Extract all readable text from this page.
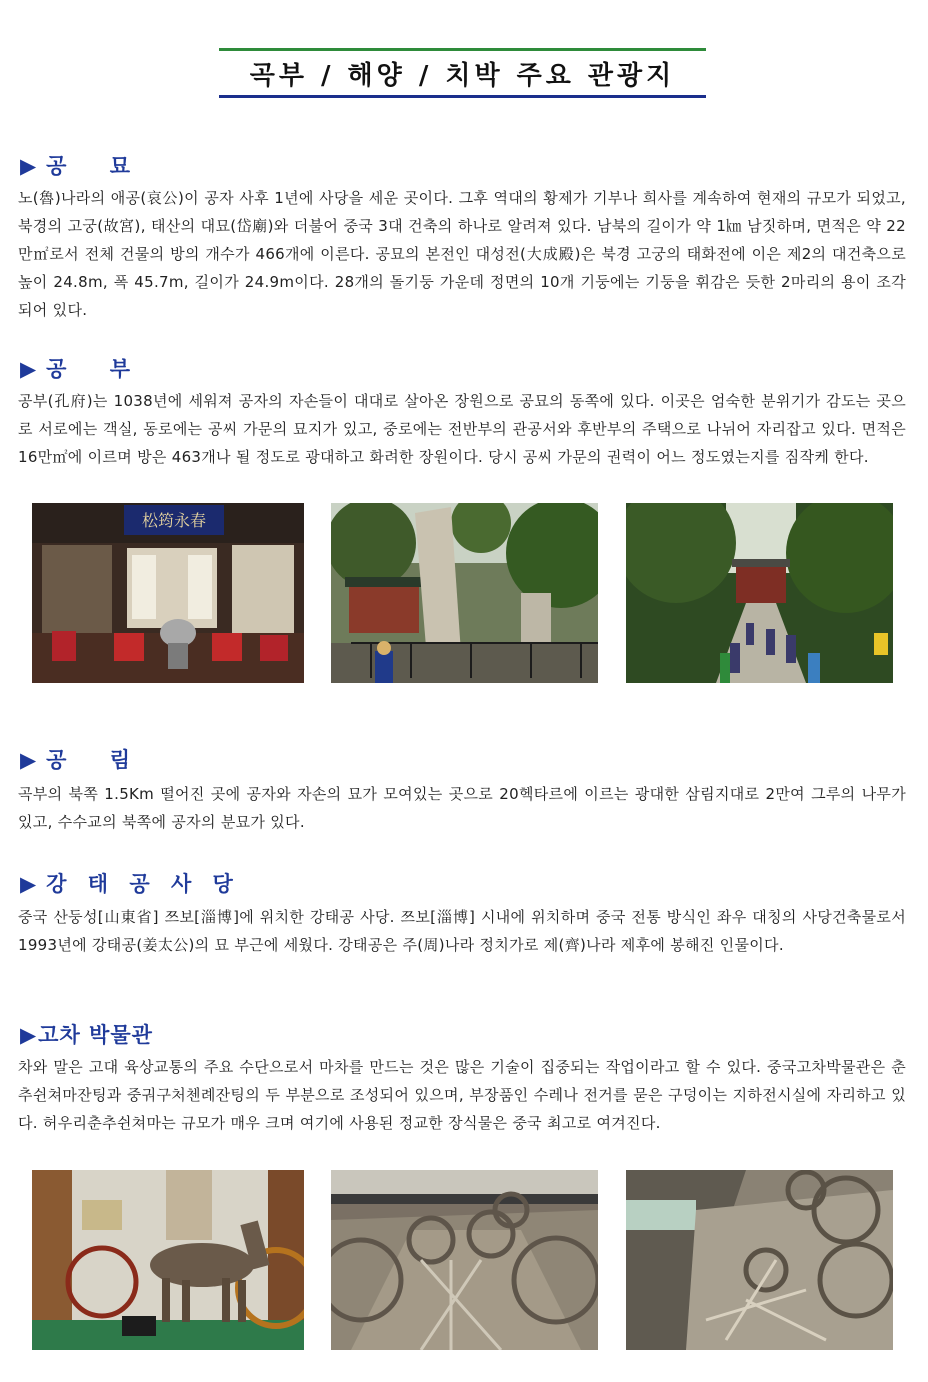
곡부 / 해양 / 치박 주요 관광지
▶ 공 묘

노(魯)나라의 애공(哀公)이 공자 사후 1년에 사당을 세운 곳이다. 그후 역대의 황제가 기부나 희사를 계속하여 현재의 규모가 되었고, 북경의 고궁(故宮), 태산의 대묘(岱廟)와 더불어 중국 3대 건축의 하나로 알려져 있다. 남북의 길이가 약 1㎞ 남짓하며, 면적은 약 22만㎡로서 전체 건물의 방의 개수가 466개에 이른다. 공묘의 본전인 대성전(大成殿)은 북경 고궁의 태화전에 이은 제2의 대건축으로 높이 24.8m, 폭 45.7m, 길이가 24.9m이다. 28개의 돌기둥 가운데 정면의 10개 기둥에는 기둥을 휘감은 듯한 2마리의 용이 조각되어 있다.

▶ 공 부

공부(孔府)는 1038년에 세워져 공자의 자손들이 대대로 살아온 장원으로 공묘의 동쪽에 있다. 이곳은 엄숙한 분위기가 감도는 곳으로 서로에는 객실, 동로에는 공씨 가문의 묘지가 있고, 중로에는 전반부의 관공서와 후반부의 주택으로 나뉘어 자리잡고 있다. 면적은 16만㎡에 이르며 방은 463개나 될 정도로 광대하고 화려한 장원이다. 당시 공씨 가문의 권력이 어느 정도였는지를 짐작케 한다.

松筠永春
▶ 공 림

곡부의 북쪽 1.5Km 떨어진 곳에 공자와 자손의 묘가 모여있는 곳으로 20헥타르에 이르는 광대한 삼림지대로 2만여 그루의 나무가 있고, 수수교의 북쪽에 공자의 분묘가 있다.

▶ 강 태 공 사 당

중국 산둥성[山東省] 쯔보[淄博]에 위치한 강태공 사당. 쯔보[淄博] 시내에 위치하며 중국 전통 방식인 좌우 대칭의 사당건축물로서 1993년에 강태공(姜太公)의 묘 부근에 세웠다. 강태공은 주(周)나라 정치가로 제(齊)나라 제후에 봉해진 인물이다.

▶고차 박물관

차와 말은 고대 육상교통의 주요 수단으로서 마차를 만드는 것은 많은 기술이 집중되는 작업이라고 할 수 있다. 중국고차박물관은 춘추쉰쳐마잔팅과 중궈구처첸례잔팅의 두 부분으로 조성되어 있으며, 부장품인 수레나 전거를 묻은 구덩이는 지하전시실에 자리하고 있다. 허우리춘추쉰쳐마는 규모가 매우 크며 여기에 사용된 정교한 장식물은 중국 최고로 여겨진다.
